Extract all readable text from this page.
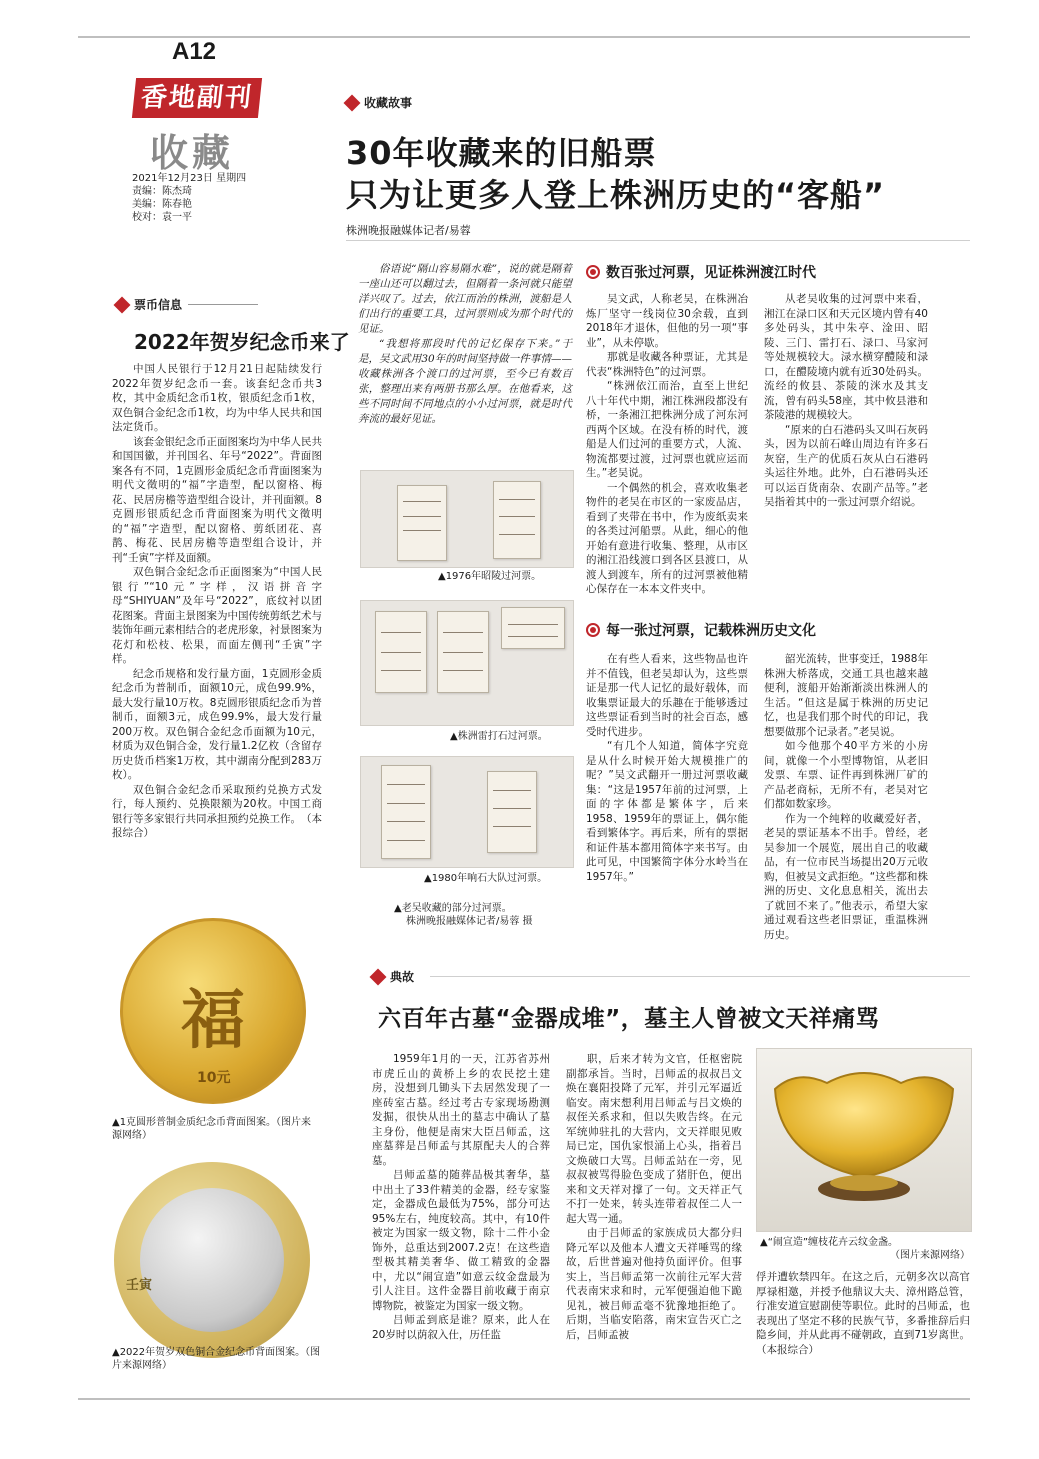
A12
香地副刊
收藏
2021年12月23日 星期四
责编：陈杰琦
美编：陈春艳
校对：袁一平
收藏故事
30年收藏来的旧船票
只为让更多人登上株洲历史的“客船”
株洲晚报融媒体记者/易蓉

俗语说“隔山容易隔水难”，说的就是隔着一座山还可以翻过去，但隔着一条河就只能望洋兴叹了。过去，依江而治的株洲，渡船是人们出行的重要工具，过河票则成为那个时代的见证。

“我想将那段时代的记忆保存下来。”于是，吴文武用30年的时间坚持做一件事情——收藏株洲各个渡口的过河票，至今已有数百张，整理出来有两册书那么厚。在他看来，这些不同时间不同地点的小小过河票，就是时代奔流的最好见证。

▲1976年昭陵过河票。
▲株洲雷打石过河票。
▲1980年响石大队过河票。
▲老吴收藏的部分过河票。
株洲晚报融媒体记者/易蓉 摄
数百张过河票，见证株洲渡江时代

吴文武，人称老吴，在株洲冶炼厂坚守一线岗位30余载，直到2018年才退休，但他的另一项“事业”，从未停歇。

那就是收藏各种票证，尤其是代表“株洲特色”的过河票。

“株洲依江而治，直至上世纪八十年代中期，湘江株洲段都没有桥，一条湘江把株洲分成了河东河西两个区域。在没有桥的时代，渡船是人们过河的重要方式，人流、物流都要过渡，过河票也就应运而生。”老吴说。

一个偶然的机会，喜欢收集老物件的老吴在市区的一家废品店，看到了夹带在书中，作为废纸卖来的各类过河船票。从此，细心的他开始有意进行收集、整理，从市区的湘江沿线渡口到各区县渡口，从渡人到渡车，所有的过河票被他精心保存在一本本文件夹中。

从老吴收集的过河票中来看，湘江在渌口区和天元区境内曾有40多处码头，其中朱亭、淦田、昭陵、三门、雷打石、渌口、马家河等处规模较大。渌水横穿醴陵和渌口，在醴陵境内就有近30处码头。流经的攸县、茶陵的洣水及其支流，曾有码头58座，其中攸县港和茶陵港的规模较大。

“原来的白石港码头又叫石灰码头，因为以前石峰山周边有许多石灰窑，生产的优质石灰从白石港码头运往外地。此外，白石港码头还可以运百货南杂、农副产品等。”老吴指着其中的一张过河票介绍说。

每一张过河票，记载株洲历史文化

在有些人看来，这些物品也许并不值钱，但老吴却认为，这些票证是那一代人记忆的最好载体，而收集票证最大的乐趣在于能够透过这些票证看到当时的社会百态，感受时代进步。

“有几个人知道，简体字究竟是从什么时候开始大规模推广的呢？”吴文武翻开一册过河票收藏集：“这是1957年前的过河票，上面的字体都是繁体字，后来1958、1959年的票证上，偶尔能看到繁体字。再后来，所有的票据和证件基本都用简体字来书写。由此可见，中国繁简字体分水岭当在1957年。”

韶光流转，世事变迁，1988年株洲大桥落成，交通工具也越来越便利，渡船开始渐渐淡出株洲人的生活。“但这是属于株洲的历史记忆，也是我们那个时代的印记，我想要做那个记录者。”老吴说。

如今他那个40平方米的小房间，就像一个小型博物馆，从老旧发票、车票、证件再到株洲厂矿的产品老商标，无所不有，老吴对它们都如数家珍。

作为一个纯粹的收藏爱好者，老吴的票证基本不出手。曾经，老吴参加一个展览，展出自己的收藏品，有一位市民当场提出20万元收购，但被吴文武拒绝。“这些都和株洲的历史、文化息息相关，流出去了就回不来了。”他表示，希望大家通过观看这些老旧票证，重温株洲历史。

票币信息
2022年贺岁纪念币来了

中国人民银行于12月21日起陆续发行2022年贺岁纪念币一套。该套纪念币共3枚，其中金质纪念币1枚，银质纪念币1枚，双色铜合金纪念币1枚，均为中华人民共和国法定货币。

该套金银纪念币正面图案均为中华人民共和国国徽，并刊国名、年号“2022”。背面图案各有不同，1克圆形金质纪念币背面图案为明代文徵明的“福”字造型，配以窗格、梅花、民居房檐等造型组合设计，并刊面额。8克圆形银质纪念币背面图案为明代文徵明的“福”字造型，配以窗格、剪纸团花、喜鹊、梅花、民居房檐等造型组合设计，并刊“壬寅”字样及面额。

双色铜合金纪念币正面图案为“中国人民银行”“10元”字样，汉语拼音字母“SHIYUAN”及年号“2022”，底纹衬以团花图案。背面主景图案为中国传统剪纸艺术与装饰年画元素相结合的老虎形象，衬景图案为花灯和松枝、松果，而面左侧刊“壬寅”字样。

纪念币规格和发行量方面，1克圆形金质纪念币为普制币，面额10元，成色99.9%，最大发行量10万枚。8克圆形银质纪念币为普制币，面额3元，成色99.9%，最大发行量200万枚。双色铜合金纪念币面额为10元，材质为双色铜合金，发行量1.2亿枚（含留存历史货币档案1万枚，其中湖南分配到283万枚）。

双色铜合金纪念币采取预约兑换方式发行，每人预约、兑换限额为20枚。中国工商银行等多家银行共同承担预约兑换工作。　（本报综合）

福
10元
▲1克圆形普制金质纪念币背面图案。（图片来源网络）
壬寅
▲2022年贺岁双色铜合金纪念币背面图案。（图片来源网络）
典故
六百年古墓“金器成堆”，墓主人曾被文天祥痛骂

1959年1月的一天，江苏省苏州市虎丘山的黄桥上乡的农民挖土建房，没想到几锄头下去居然发现了一座砖室古墓。经过考古专家现场勘测发掘，很快从出土的墓志中确认了墓主身份，他便是南宋大臣吕师孟，这座墓葬是吕师孟与其原配夫人的合葬墓。

吕师孟墓的随葬品极其奢华，墓中出土了33件精美的金器，经专家鉴定，金器成色最低为75%，部分可达95%左右，纯度较高。其中，有10件被定为国家一级文物，除十二件小金饰外，总重达到2007.2克！在这些造型极其精美奢华、做工精致的金器中，尤以“闹宣造”如意云纹金盘最为引人注目。这件金器目前收藏于南京博物院，被鉴定为国家一级文物。

吕师孟到底是谁？原来，此人在20岁时以荫叙入仕，历任监

职，后来才转为文官，任枢密院副都承旨。当时，吕师孟的叔叔吕文焕在襄阳投降了元军，并引元军逼近临安。南宋想利用吕师孟与吕文焕的叔侄关系求和，但以失败告终。在元军统帅驻扎的大营内，文天祥眼见败局已定，国仇家恨涌上心头，指着吕文焕破口大骂。吕师孟站在一旁，见叔叔被骂得脸色变成了猪肝色，便出来和文天祥对撑了一句。文天祥正气不打一处来，转头连带着叔侄二人一起大骂一通。

由于吕师孟的家族成员大都分归降元军以及他本人遭文天祥唾骂的缘故，后世普遍对他持负面评价。但事实上，当吕师孟第一次前往元军大营代表南宋求和时，元军便强迫他下跪见礼，被吕师孟毫不犹豫地拒绝了。后期，当临安陷落，南宋宣告灭亡之后，吕师孟被

▲“闹宣造”缠枝花卉云纹金盏。
（图片来源网络）

俘并遭软禁四年。在这之后，元朝多次以高官厚禄相邀，并授予他鼎议大夫、漳州路总管，行准安道宣慰副使等职位。此时的吕师孟，也表现出了坚定不移的民族气节，多番推辞后归隐乡间，并从此再不碰朝政，直到71岁离世。（本报综合）
